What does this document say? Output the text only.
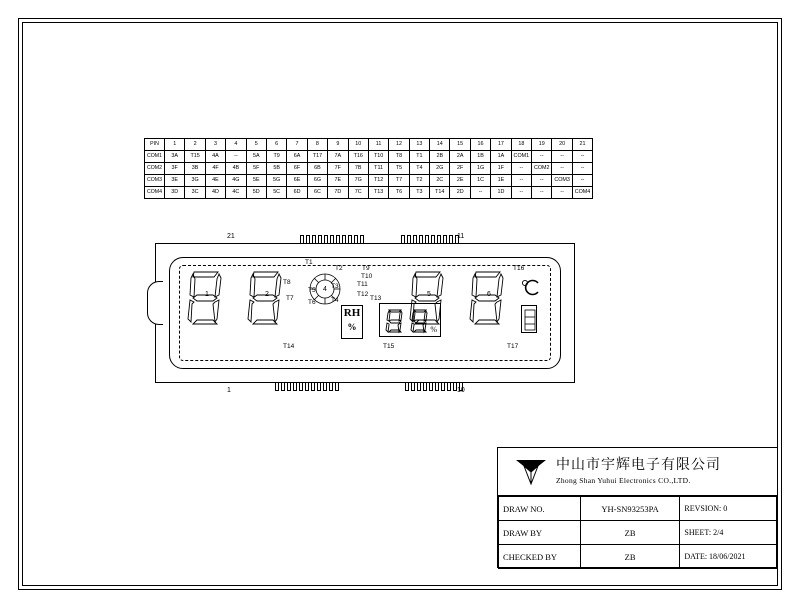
PIN	1	2	3	4	5	6	7	8	9	10	11	12	13	14	15	16	17	18	19	20	21
COM1	3A	T15	4A	--	5A	T9	6A	T17	7A	T16	T10	T8	T1	2B	2A	1B	1A	COM1	--	--	--
COM2	3F	3B	4F	4B	5F	5B	6F	6B	7F	7B	T11	T5	T4	2G	2F	1G	1F	--	COM2	--	--
COM3	3E	3G	4E	4G	5E	5G	6E	6G	7E	7G	T12	T7	T2	2C	2E	1C	1E	--	--	COM3	--
COM4	3D	3C	4D	4C	5D	5C	6D	6C	7D	7C	T13	T6	T3	T14	2D	--	1D	--	--	--	COM4
21	11
1	10
1	2
4
5	6
RH
%	%
T1
T8
T7
T2
T3
T4
T9
T11
T12
T13
T10
T5
T6
T16
T14	T15	T17
中山市宇辉电子有限公司
Zhong Shan Yuhui Electronics CO.,LTD.
DRAW NO.	YH-SN93253PA	REVSION: 0
DRAW BY	ZB	SHEET: 2/4
CHECKED BY	ZB	DATE: 18/06/2021
